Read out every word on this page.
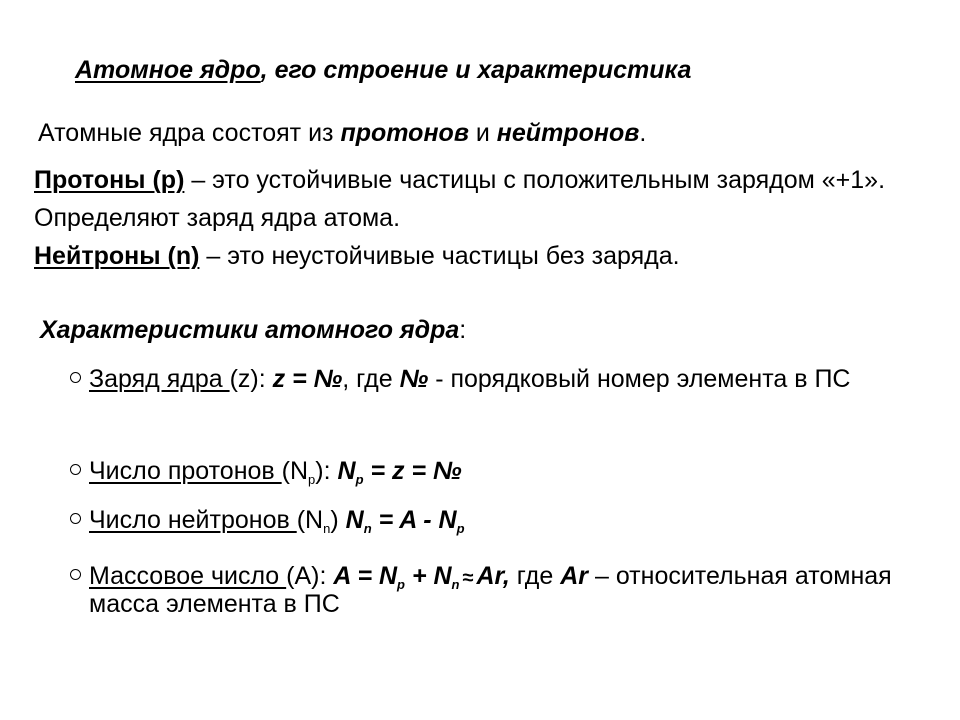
Атомное ядро, его строение и характеристика
Атомные ядра состоят из протонов и нейтронов.

Протоны (р) – это устойчивые частицы с положительным зарядом «+1». Определяют заряд ядра атома.

Нейтроны (n) – это неустойчивые частицы без заряда.

Характеристики атомного ядра:
Заряд ядра (z): z = №, где № - порядковый номер элемента в ПС
Число протонов $(N_p)$: $N_p = z$ = №
Число нейтронов $(N_n) N_n = A - N_p$
Массовое число (A): $A = N_p + N_n \approx Ar$, где Ar – относительная атомная масса элемента в ПС
